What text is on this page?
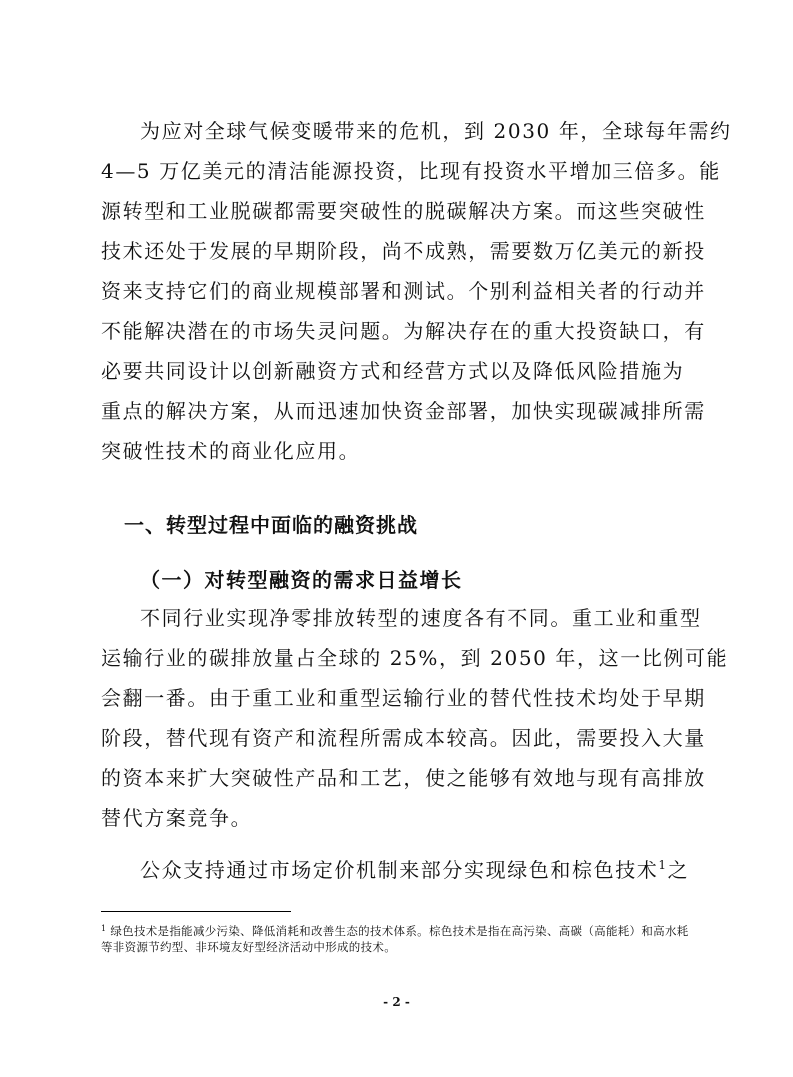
为应对全球气候变暖带来的危机，到 2030 年，全球每年需约
4—5 万亿美元的清洁能源投资，比现有投资水平增加三倍多。能
源转型和工业脱碳都需要突破性的脱碳解决方案。而这些突破性
技术还处于发展的早期阶段，尚不成熟，需要数万亿美元的新投
资来支持它们的商业规模部署和测试。个别利益相关者的行动并
不能解决潜在的市场失灵问题。为解决存在的重大投资缺口，有
必要共同设计以创新融资方式和经营方式以及降低风险措施为
重点的解决方案，从而迅速加快资金部署，加快实现碳减排所需
突破性技术的商业化应用。
一、转型过程中面临的融资挑战
（一）对转型融资的需求日益增长
不同行业实现净零排放转型的速度各有不同。重工业和重型
运输行业的碳排放量占全球的 25%，到 2050 年，这一比例可能
会翻一番。由于重工业和重型运输行业的替代性技术均处于早期
阶段，替代现有资产和流程所需成本较高。因此，需要投入大量
的资本来扩大突破性产品和工艺，使之能够有效地与现有高排放
替代方案竞争。
公众支持通过市场定价机制来部分实现绿色和棕色技术$^1$之
$^1$ 绿色技术是指能减少污染、降低消耗和改善生态的技术体系。棕色技术是指在高污染、高碳（高能耗）和高水耗
等非资源节约型、非环境友好型经济活动中形成的技术。
- 2 -
